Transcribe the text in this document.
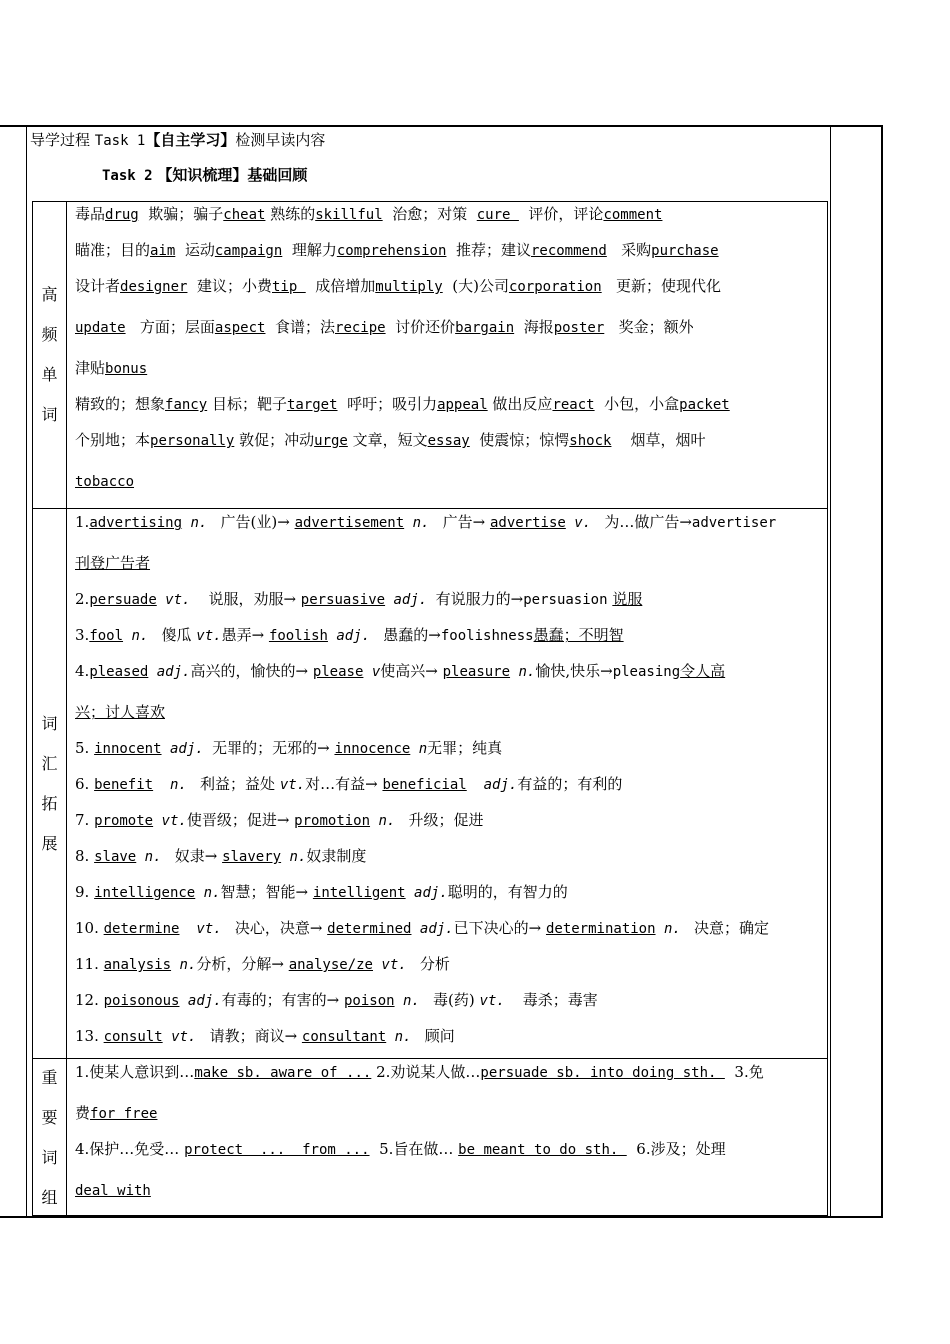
导学过程 Task 1【自主学习】检测早读内容
Task 2 【知识梳理】基础回顾
高
频
单
词
毒品drug  欺骗；骗子cheat 熟练的skillful  治愈；对策  cure   评价，评论comment
瞄准；目的aim  运动campaign  理解力comprehension  推荐；建议recommend   采购purchase
设计者designer  建议；小费tip   成倍增加multiply  (大)公司corporation   更新；使现代化
update   方面；层面aspect  食谱；法recipe  讨价还价bargain  海报poster   奖金；额外
津贴bonus
精致的；想象fancy 目标；靶子target  呼吁；吸引力appeal 做出反应react  小包，小盒packet
个别地；本personally 敦促；冲动urge 文章，短文essay  使震惊；惊愕shock    烟草，烟叶
tobacco
词
汇
拓
展
1.advertising n.  广告(业)→ advertisement n.  广告→ advertise v.  为…做广告→advertiser
刊登广告者
2.persuade vt.   说服，劝服→ persuasive adj. 有说服力的→persuasion 说服
3.fool n.  傻瓜 vt.愚弄→ foolish adj.  愚蠢的→foolishness愚蠢；不明智
4.pleased adj.高兴的，愉快的→ please v使高兴→ pleasure n.愉快,快乐→pleasing令人高
兴；讨人喜欢
5. innocent adj. 无罪的；无邪的→ innocence n无罪；纯真
6. benefit  n.  利益；益处 vt.对…有益→ beneficial  adj.有益的；有利的
7. promote vt.使晋级；促进→ promotion n.  升级；促进
8. slave n.  奴隶→ slavery n.奴隶制度
9. intelligence n.智慧；智能→ intelligent adj.聪明的，有智力的
10. determine  vt.  决心，决意→ determined adj.已下决心的→ determination n.  决意；确定
11. analysis n.分析，分解→ analyse/ze vt.  分析
12. poisonous adj.有毒的；有害的→ poison n.  毒(药) vt.   毒杀；毒害
13. consult vt.  请教；商议→ consultant n.  顾问
重
要
词
组
1.使某人意识到…make sb. aware of ... 2.劝说某人做…persuade sb. into doing sth.   3.免
费for free
4.保护…免受… protect  ...  from ...  5.旨在做… be meant to do sth.   6.涉及；处理
deal with
